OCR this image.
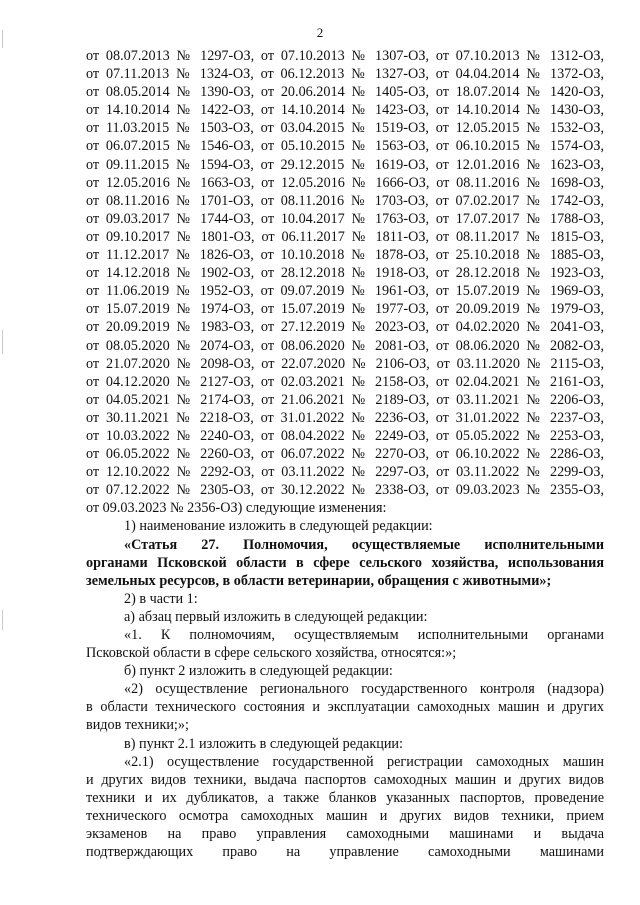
2
от 08.07.2013 № 1297-ОЗ, от 07.10.2013 № 1307-ОЗ, от 07.10.2013 № 1312-ОЗ,
от 07.11.2013 № 1324-ОЗ, от 06.12.2013 № 1327-ОЗ, от 04.04.2014 № 1372-ОЗ,
от 08.05.2014 № 1390-ОЗ, от 20.06.2014 № 1405-ОЗ, от 18.07.2014 № 1420-ОЗ,
от 14.10.2014 № 1422-ОЗ, от 14.10.2014 № 1423-ОЗ, от 14.10.2014 № 1430-ОЗ,
от 11.03.2015 № 1503-ОЗ, от 03.04.2015 № 1519-ОЗ, от 12.05.2015 № 1532-ОЗ,
от 06.07.2015 № 1546-ОЗ, от 05.10.2015 № 1563-ОЗ, от 06.10.2015 № 1574-ОЗ,
от 09.11.2015 № 1594-ОЗ, от 29.12.2015 № 1619-ОЗ, от 12.01.2016 № 1623-ОЗ,
от 12.05.2016 № 1663-ОЗ, от 12.05.2016 № 1666-ОЗ, от 08.11.2016 № 1698-ОЗ,
от 08.11.2016 № 1701-ОЗ, от 08.11.2016 № 1703-ОЗ, от 07.02.2017 № 1742-ОЗ,
от 09.03.2017 № 1744-ОЗ, от 10.04.2017 № 1763-ОЗ, от 17.07.2017 № 1788-ОЗ,
от 09.10.2017 № 1801-ОЗ, от 06.11.2017 № 1811-ОЗ, от 08.11.2017 № 1815-ОЗ,
от 11.12.2017 № 1826-ОЗ, от 10.10.2018 № 1878-ОЗ, от 25.10.2018 № 1885-ОЗ,
от 14.12.2018 № 1902-ОЗ, от 28.12.2018 № 1918-ОЗ, от 28.12.2018 № 1923-ОЗ,
от 11.06.2019 № 1952-ОЗ, от 09.07.2019 № 1961-ОЗ, от 15.07.2019 № 1969-ОЗ,
от 15.07.2019 № 1974-ОЗ, от 15.07.2019 № 1977-ОЗ, от 20.09.2019 № 1979-ОЗ,
от 20.09.2019 № 1983-ОЗ, от 27.12.2019 № 2023-ОЗ, от 04.02.2020 № 2041-ОЗ,
от 08.05.2020 № 2074-ОЗ, от 08.06.2020 № 2081-ОЗ, от 08.06.2020 № 2082-ОЗ,
от 21.07.2020 № 2098-ОЗ, от 22.07.2020 № 2106-ОЗ, от 03.11.2020 № 2115-ОЗ,
от 04.12.2020 № 2127-ОЗ, от 02.03.2021 № 2158-ОЗ, от 02.04.2021 № 2161-ОЗ,
от 04.05.2021 № 2174-ОЗ, от 21.06.2021 № 2189-ОЗ, от 03.11.2021 № 2206-ОЗ,
от 30.11.2021 № 2218-ОЗ, от 31.01.2022 № 2236-ОЗ, от 31.01.2022 № 2237-ОЗ,
от 10.03.2022 № 2240-ОЗ, от 08.04.2022 № 2249-ОЗ, от 05.05.2022 № 2253-ОЗ,
от 06.05.2022 № 2260-ОЗ, от 06.07.2022 № 2270-ОЗ, от 06.10.2022 № 2286-ОЗ,
от 12.10.2022 № 2292-ОЗ, от 03.11.2022 № 2297-ОЗ, от 03.11.2022 № 2299-ОЗ,
от 07.12.2022 № 2305-ОЗ, от 30.12.2022 № 2338-ОЗ, от 09.03.2023 № 2355-ОЗ,
от 09.03.2023 № 2356-ОЗ) следующие изменения:
1) наименование изложить в следующей редакции:
«Статья 27. Полномочия, осуществляемые исполнительными
органами Псковской области в сфере сельского хозяйства, использования
земельных ресурсов, в области ветеринарии, обращения с животными»;
2) в части 1:
а) абзац первый изложить в следующей редакции:
«1. К полномочиям, осуществляемым исполнительными органами
Псковской области в сфере сельского хозяйства, относятся:»;
б) пункт 2 изложить в следующей редакции:
«2) осуществление регионального государственного контроля (надзора)
в области технического состояния и эксплуатации самоходных машин и других
видов техники;»;
в) пункт 2.1 изложить в следующей редакции:
«2.1) осуществление государственной регистрации самоходных машин
и других видов техники, выдача паспортов самоходных машин и других видов
техники и их дубликатов, а также бланков указанных паспортов, проведение
технического осмотра самоходных машин и других видов техники, прием
экзаменов на право управления самоходными машинами и выдача
подтверждающих право на управление самоходными машинами
